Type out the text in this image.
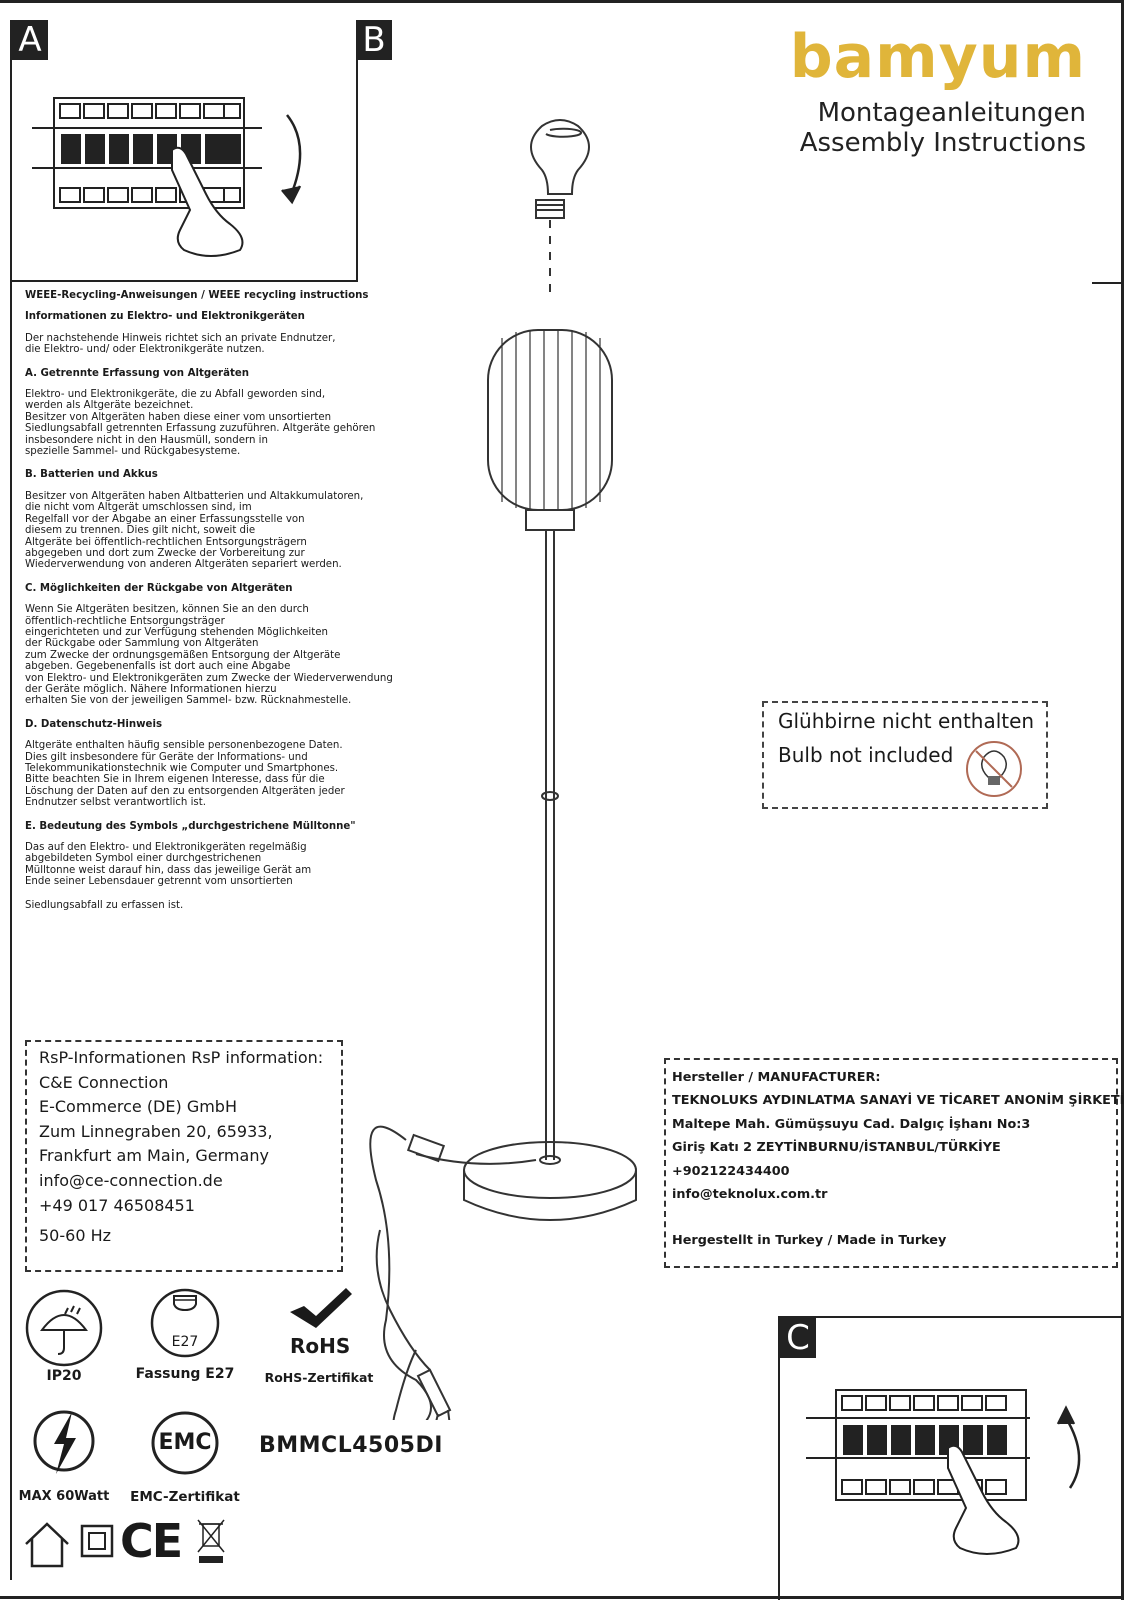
A	B	bamyum
Montageanleitungen
Assembly Instructions
WEEE-Recycling-Anweisungen / WEEE recycling instructions
Informationen zu Elektro- und Elektronikgeräten
Der nachstehende Hinweis richtet sich an private Endnutzer,
die Elektro- und/ oder Elektronikgeräte nutzen.
A. Getrennte Erfassung von Altgeräten
Elektro- und Elektronikgeräte, die zu Abfall geworden sind,
werden als Altgeräte bezeichnet.
Besitzer von Altgeräten haben diese einer vom unsortierten
Siedlungsabfall getrennten Erfassung zuzuführen. Altgeräte gehören
insbesondere nicht in den Hausmüll, sondern in
spezielle Sammel- und Rückgabesysteme.
B. Batterien und Akkus
Besitzer von Altgeräten haben Altbatterien und Altakkumulatoren,
die nicht vom Altgerät umschlossen sind, im
Regelfall vor der Abgabe an einer Erfassungsstelle von
diesem zu trennen. Dies gilt nicht, soweit die
Altgeräte bei öffentlich-rechtlichen Entsorgungsträgern
abgegeben und dort zum Zwecke der Vorbereitung zur
Wiederverwendung von anderen Altgeräten separiert werden.
C. Möglichkeiten der Rückgabe von Altgeräten
Wenn Sie Altgeräten besitzen, können Sie an den durch
öffentlich-rechtliche Entsorgungsträger
eingerichteten und zur Verfügung stehenden Möglichkeiten
der Rückgabe oder Sammlung von Altgeräten
zum Zwecke der ordnungsgemäßen Entsorgung der Altgeräte
abgeben. Gegebenenfalls ist dort auch eine Abgabe
von Elektro- und Elektronikgeräten zum Zwecke der Wiederverwendung
der Geräte möglich. Nähere Informationen hierzu
erhalten Sie von der jeweiligen Sammel- bzw. Rücknahmestelle.
D. Datenschutz-Hinweis
Altgeräte enthalten häufig sensible personenbezogene Daten.
Dies gilt insbesondere für Geräte der Informations- und
Telekommunikationstechnik wie Computer und Smartphones.
Bitte beachten Sie in Ihrem eigenen Interesse, dass für die
Löschung der Daten auf den zu entsorgenden Altgeräten jeder
Endnutzer selbst verantwortlich ist.
E. Bedeutung des Symbols „durchgestrichene Mülltonne"
Das auf den Elektro- und Elektronikgeräten regelmäßig
abgebildeten Symbol einer durchgestrichenen
Mülltonne weist darauf hin, dass das jeweilige Gerät am
Ende seiner Lebensdauer getrennt vom unsortierten
Siedlungsabfall zu erfassen ist.
Glühbirne nicht enthalten
Bulb not included
RsP-Informationen RsP information:
C&E Connection
E-Commerce (DE) GmbH
Zum Linnegraben 20, 65933,
Frankfurt am Main, Germany
info@ce-connection.de
+49 017 46508451
50-60 Hz
Hersteller / MANUFACTURER:
TEKNOLUKS AYDINLATMA SANAYİ VE TİCARET ANONİM ŞİRKETİ
Maltepe Mah. Gümüşsuyu Cad. Dalgıç İşhanı No:3
Giriş Katı 2 ZEYTİNBURNU/İSTANBUL/TÜRKİYE
+902122434400
info@teknolux.com.tr
Hergestellt in Turkey / Made in Turkey
C
IP20
E27
Fassung E27
RoHS
RoHS-Zertifikat
MAX 60Watt
EMC
EMC-Zertifikat
BMMCL4505DI
CE
